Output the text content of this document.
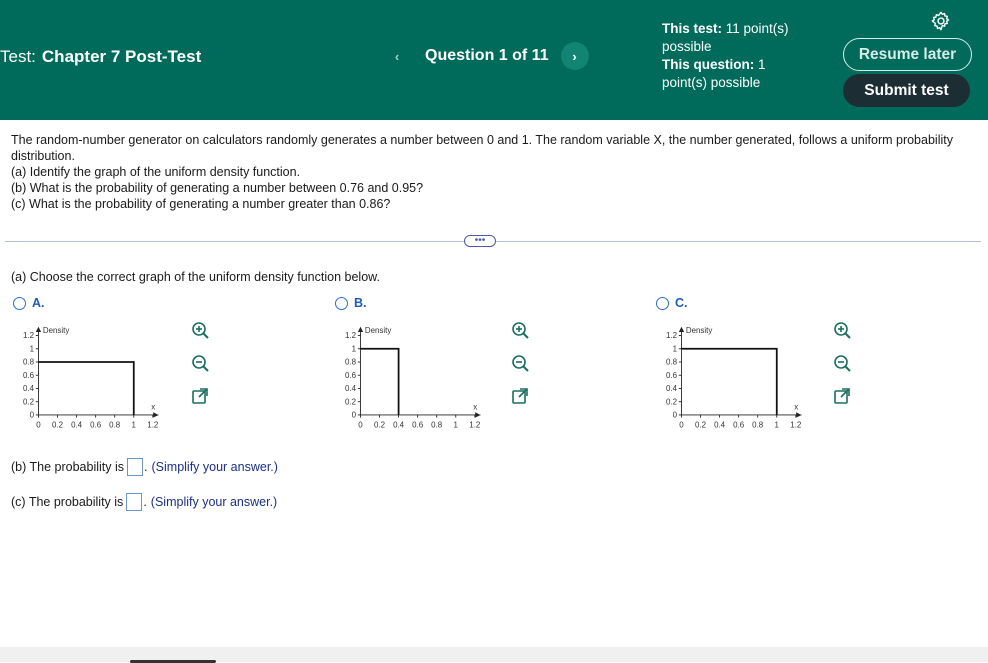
Test: Chapter 7 Post-Test	‹ Question 1 of 11 ›
This test: 11 point(s) possible
This question: 1 point(s) possible
Resume later
Submit test
The random-number generator on calculators randomly generates a number between 0 and 1. The random variable X, the number generated, follows a uniform probability distribution.
(a) Identify the graph of the uniform density function.
(b) What is the probability of generating a number between 0.76 and 0.95?
(c) What is the probability of generating a number greater than 0.86?
•••
(a) Choose the correct graph of the uniform density function below.
A.	B.	C.
1.2
1
0.8
0.6
0.4
0.2
0
0 0.2 0.4 0.6 0.8 1 1.2
Density
x
1.2
1
0.8
0.6
0.4
0.2
0
0 0.2 0.4 0.6 0.8 1 1.2
Density
x
1.2
1
0.8
0.6
0.4
0.2
0
0 0.2 0.4 0.6 0.8 1 1.2
Density
x
(b) The probability is . (Simplify your answer.)
(c) The probability is . (Simplify your answer.)
